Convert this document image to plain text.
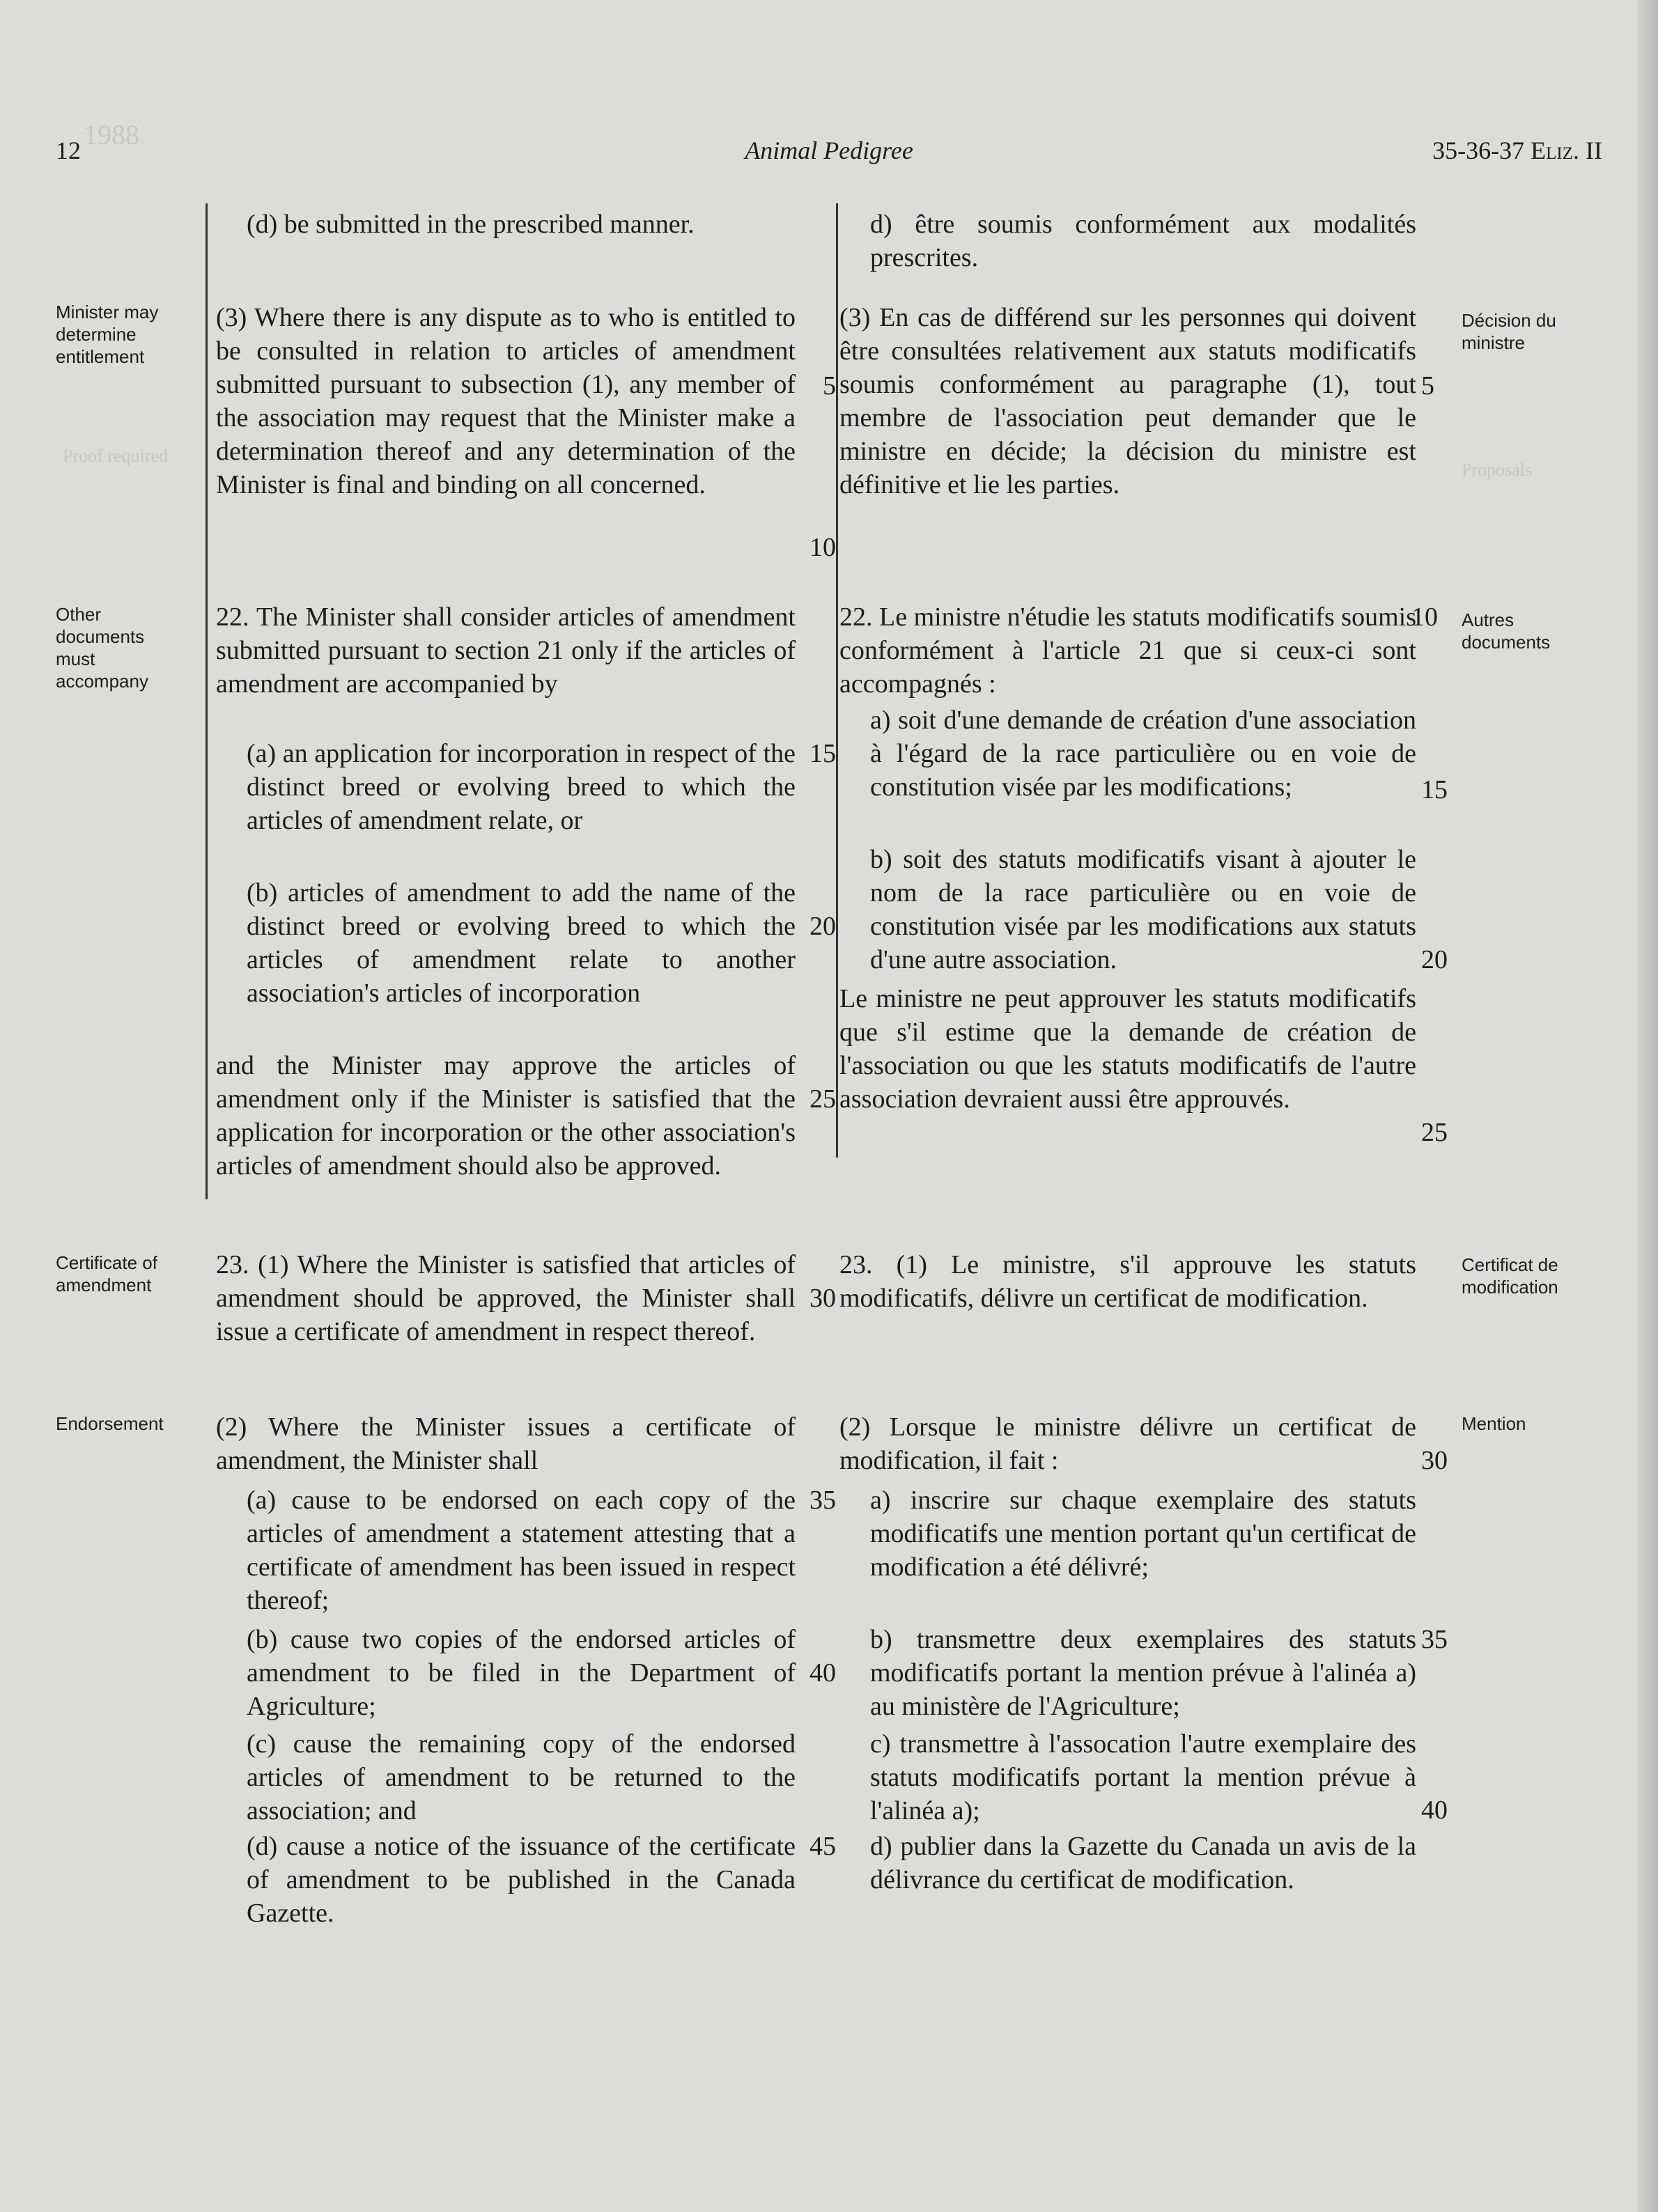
1988
Proof required
Proposals
12	Animal Pedigree	35-36-37 Eliz. II
Minister may determine entitlement
Other documents must accompany
Certificate of amendment
Endorsement
Décision du ministre
Autres documents
Certificat de modification
Mention

(d) be submitted in the prescribed manner.

(3) Where there is any dispute as to who is entitled to be consulted in relation to articles of amendment submitted pursuant to subsection (1), any member of the association may request that the Minister make a determination thereof and any determination of the Minister is final and binding on all concerned.

22. The Minister shall consider articles of amendment submitted pursuant to section 21 only if the articles of amendment are accompanied by

(a) an application for incorporation in respect of the distinct breed or evolving breed to which the articles of amendment relate, or

(b) articles of amendment to add the name of the distinct breed or evolving breed to which the articles of amendment relate to another association's articles of incorporation

and the Minister may approve the articles of amendment only if the Minister is satisfied that the application for incorporation or the other association's articles of amendment should also be approved.

23. (1) Where the Minister is satisfied that articles of amendment should be approved, the Minister shall issue a certificate of amendment in respect thereof.

(2) Where the Minister issues a certificate of amendment, the Minister shall

(a) cause to be endorsed on each copy of the articles of amendment a statement attesting that a certificate of amendment has been issued in respect thereof;

(b) cause two copies of the endorsed articles of amendment to be filed in the Department of Agriculture;

(c) cause the remaining copy of the endorsed articles of amendment to be returned to the association; and

(d) cause a notice of the issuance of the certificate of amendment to be published in the Canada Gazette.

d) être soumis conformément aux modalités prescrites.

(3) En cas de différend sur les personnes qui doivent être consultées relativement aux statuts modificatifs soumis conformément au paragraphe (1), tout membre de l'association peut demander que le ministre en décide; la décision du ministre est définitive et lie les parties.

22. Le ministre n'étudie les statuts modificatifs soumis conformément à l'article 21 que si ceux-ci sont accompagnés :

a) soit d'une demande de création d'une association à l'égard de la race particulière ou en voie de constitution visée par les modifications;

b) soit des statuts modificatifs visant à ajouter le nom de la race particulière ou en voie de constitution visée par les modifications aux statuts d'une autre association.

Le ministre ne peut approuver les statuts modificatifs que s'il estime que la demande de création de l'association ou que les statuts modificatifs de l'autre association devraient aussi être approuvés.

23. (1) Le ministre, s'il approuve les statuts modificatifs, délivre un certificat de modification.

(2) Lorsque le ministre délivre un certificat de modification, il fait :

a) inscrire sur chaque exemplaire des statuts modificatifs une mention portant qu'un certificat de modification a été délivré;

b) transmettre deux exemplaires des statuts modificatifs portant la mention prévue à l'alinéa a) au ministère de l'Agriculture;

c) transmettre à l'assocation l'autre exemplaire des statuts modificatifs portant la mention prévue à l'alinéa a);

d) publier dans la Gazette du Canada un avis de la délivrance du certificat de modification.

5
10
15
20
25
30
35
40
45
5
10
15
20
25
30
35
40
